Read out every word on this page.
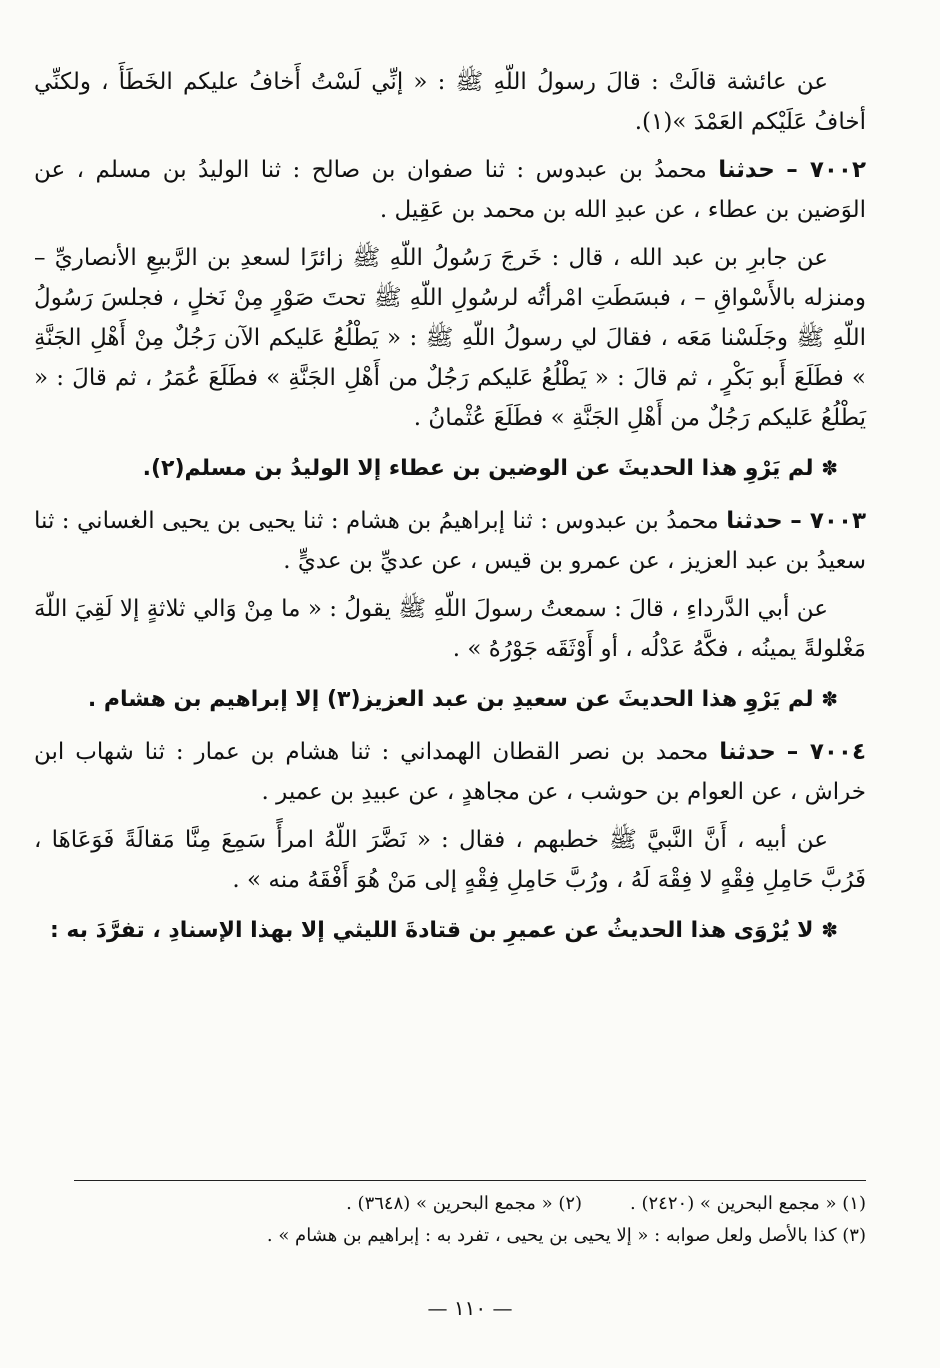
عن عائشة قالَتْ : قالَ رسولُ اللّهِ ﷺ : « إنِّي لَسْتُ أَخافُ عليكم الخَطَأَ ، ولكنِّي أخافُ عَلَيْكم العَمْدَ »(١).

٧٠٠٢ – حدثنا محمدُ بن عبدوس : ثنا صفوان بن صالح : ثنا الوليدُ بن مسلم ، عن الوَضين بن عطاء ، عن عبدِ الله بن محمد بن عَقِيل .

عن جابرِ بن عبد الله ، قال : خَرجَ رَسُولُ اللّهِ ﷺ زائرًا لسعدِ بن الرَّبيعِ الأنصاريِّ – ومنزله بالأَسْواقِ – ، فبسَطَتِ امْرأتُه لرسُولِ اللّهِ ﷺ تحتَ صَوْرٍ مِنْ نَخلٍ ، فجلسَ رَسُولُ اللّهِ ﷺ وجَلَسْنا مَعَه ، فقالَ لي رسولُ اللّهِ ﷺ : « يَطْلُعُ عَليكم الآن رَجُلٌ مِنْ أَهْلِ الجَنَّةِ » فطَلَعَ أَبو بَكْرٍ ، ثم قالَ : « يَطْلُعُ عَليكم رَجُلٌ من أَهْلِ الجَنَّةِ » فطَلَعَ عُمَرُ ، ثم قالَ : « يَطْلُعُ عَليكم رَجُلٌ من أَهْلِ الجَنَّةِ » فطَلَعَ عُثْمانُ .

✽ لم يَرْوِ هذا الحديثَ عن الوضين بن عطاء إلا الوليدُ بن مسلم(٢).

٧٠٠٣ – حدثنا محمدُ بن عبدوس : ثنا إبراهيمُ بن هشام : ثنا يحيى بن يحيى الغساني : ثنا سعيدُ بن عبد العزيز ، عن عمرو بن قيس ، عن عديِّ بن عديٍّ .

عن أبي الدَّرداءِ ، قالَ : سمعتُ رسولَ اللّهِ ﷺ يقولُ : « ما مِنْ وَالي ثلاثةٍ إلا لَقِيَ اللّهَ مَغْلولةً يمينُه ، فكَّهُ عَدْلُه ، أو أَوْثَقَه جَوْرُهُ » .

✽ لم يَرْوِ هذا الحديثَ عن سعيدِ بن عبد العزيز(٣) إلا إبراهيم بن هشام .

٧٠٠٤ – حدثنا محمد بن نصر القطان الهمداني : ثنا هشام بن عمار : ثنا شهاب ابن خراش ، عن العوام بن حوشب ، عن مجاهدٍ ، عن عبيدِ بن عمير .

عن أبيه ، أَنَّ النَّبيَّ ﷺ خطبهم ، فقال : « نَضَّرَ اللّهُ امرأً سَمِعَ مِنَّا مَقالَةً فَوَعَاهَا ، فَرُبَّ حَامِلِ فِقْهٍ لا فِقْهَ لَهُ ، ورُبَّ حَامِلِ فِقْهٍ إلى مَنْ هُوَ أَفْقَهُ منه » .

✽ لا يُرْوَى هذا الحديثُ عن عميرِ بن قتادةَ الليثي إلا بهذا الإسنادِ ، تفرَّدَ به :

(١) « مجمع البحرين » (٢٤٢٠) .
(٢) « مجمع البحرين » (٣٦٤٨) .
(٣) كذا بالأصل ولعل صوابه : « إلا يحيى بن يحيى ، تفرد به : إبراهيم بن هشام » .
— ١١٠ —
